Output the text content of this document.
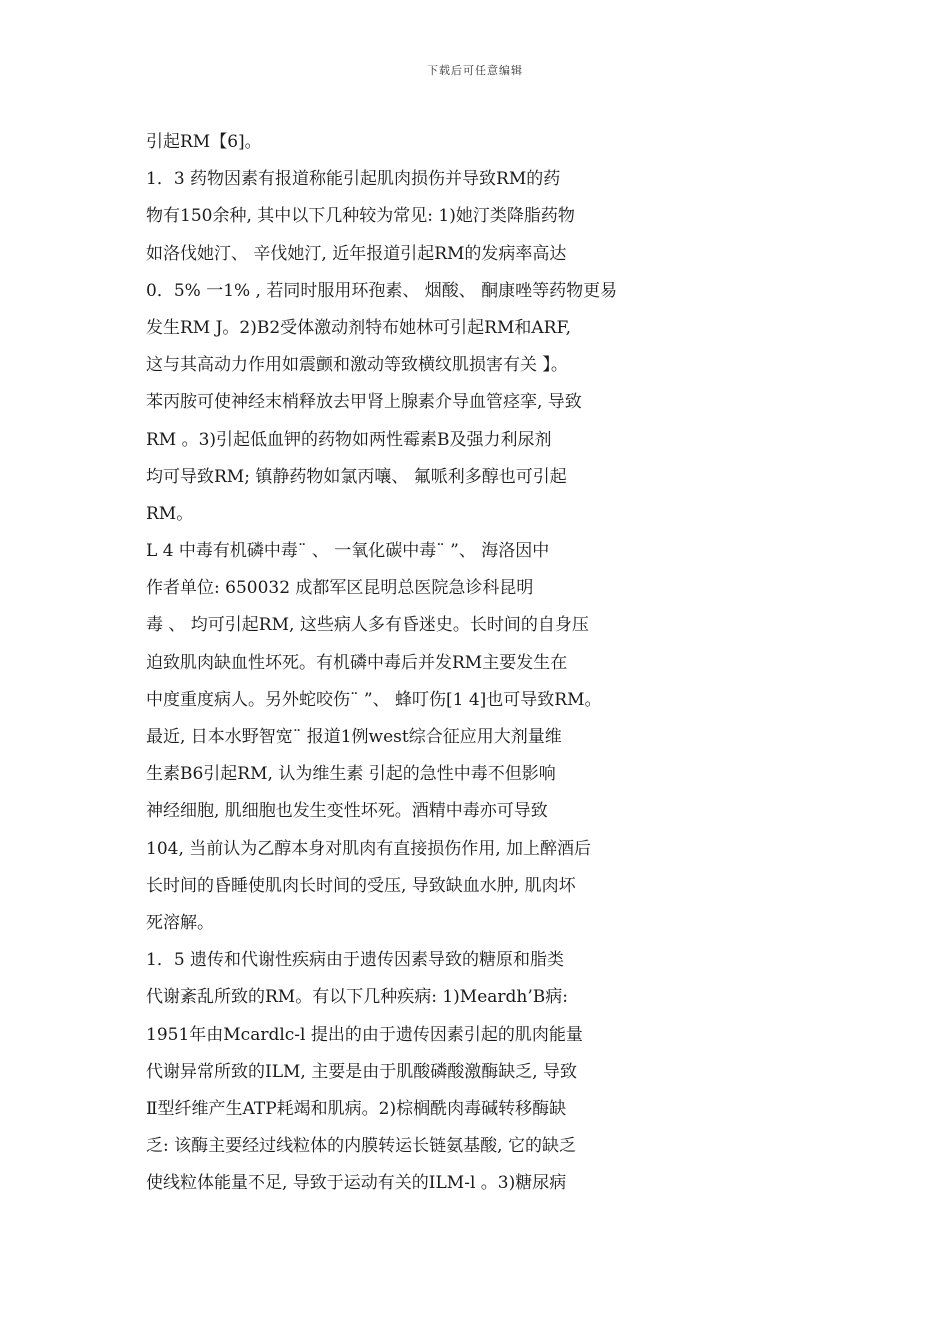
下载后可任意编辑
引起RM【6]。
1．3 药物因素有报道称能引起肌肉损伤并导致RM的药
物有150余种, 其中以下几种较为常见: 1)她汀类降脂药物
如洛伐她汀、 辛伐她汀, 近年报道引起RM的发病率高达
0．5% 一1% , 若同时服用环孢素、 烟酸、 酮康唑等药物更易
发生RM J。2)B2受体激动剂特布她林可引起RM和ARF,
这与其高动力作用如震颤和激动等致横纹肌损害有关 】。
苯丙胺可使神经末梢释放去甲肾上腺素介导血管痉挛, 导致
RM 。3)引起低血钾的药物如两性霉素B及强力利尿剂
均可导致RM; 镇静药物如氯丙嚷、 氟哌利多醇也可引起
RM。
L 4 中毒有机磷中毒¨ 、 一氧化碳中毒¨ ”、 海洛因中
作者单位: 650032 成都军区昆明总医院急诊科昆明
毒 、 均可引起RM, 这些病人多有昏迷史。长时间的自身压
迫致肌肉缺血性坏死。有机磷中毒后并发RM主要发生在
中度重度病人。另外蛇咬伤¨ ”、 蜂叮伤[1 4]也可导致RM。
最近, 日本水野智宽¨ 报道1例west综合征应用大剂量维
生素B6引起RM, 认为维生素 引起的急性中毒不但影响
神经细胞, 肌细胞也发生变性坏死。酒精中毒亦可导致
104, 当前认为乙醇本身对肌肉有直接损伤作用, 加上醉酒后
长时间的昏睡使肌肉长时间的受压, 导致缺血水肿, 肌肉坏
死溶解。
1．5 遗传和代谢性疾病由于遗传因素导致的糖原和脂类
代谢紊乱所致的RM。有以下几种疾病: 1)Meardh’B病:
1951年由Mcardlc-l 提出的由于遗传因素引起的肌肉能量
代谢异常所致的ILM, 主要是由于肌酸磷酸激酶缺乏, 导致
Ⅱ型纤维产生ATP耗竭和肌病。2)棕榈酰肉毒碱转移酶缺
乏: 该酶主要经过线粒体的内膜转运长链氨基酸, 它的缺乏
使线粒体能量不足, 导致于运动有关的ILM-l 。3)糖尿病
